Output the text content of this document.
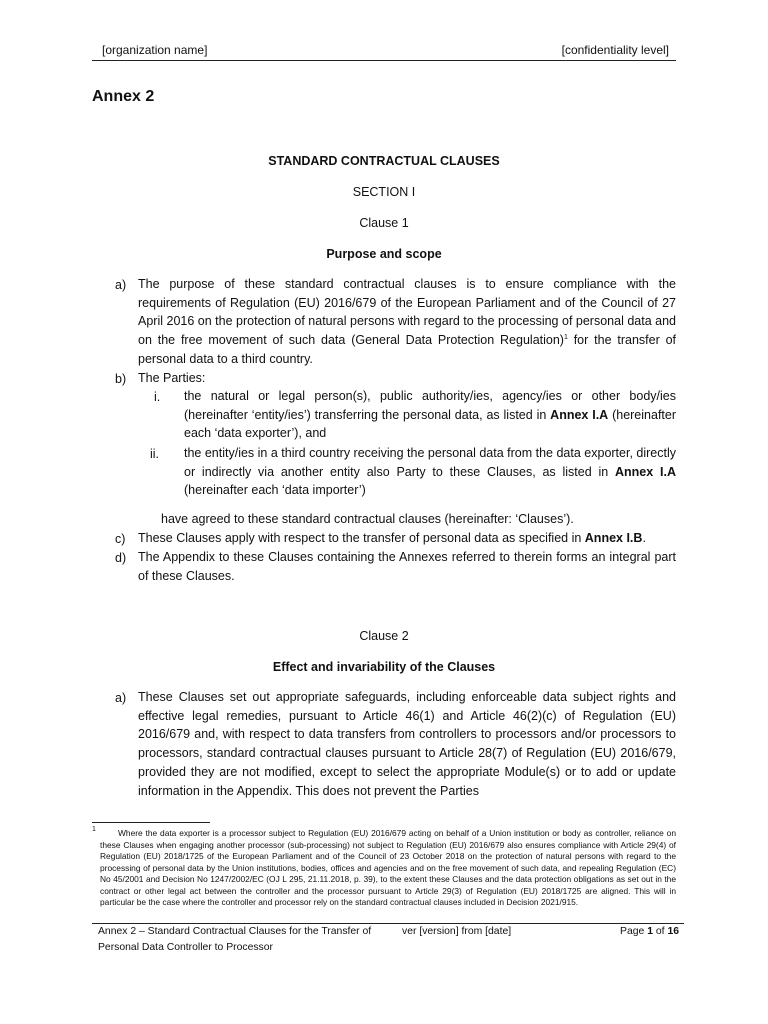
[organization name]	[confidentiality level]
Annex 2
STANDARD CONTRACTUAL CLAUSES
SECTION I
Clause 1
Purpose and scope
a) The purpose of these standard contractual clauses is to ensure compliance with the requirements of Regulation (EU) 2016/679 of the European Parliament and of the Council of 27 April 2016 on the protection of natural persons with regard to the processing of personal data and on the free movement of such data (General Data Protection Regulation)$^1$ for the transfer of personal data to a third country.
b) The Parties:
i. the natural or legal person(s), public authority/ies, agency/ies or other body/ies (hereinafter ‘entity/ies’) transferring the personal data, as listed in Annex I.A (hereinafter each ‘data exporter’), and
ii. the entity/ies in a third country receiving the personal data from the data exporter, directly or indirectly via another entity also Party to these Clauses, as listed in Annex I.A (hereinafter each ‘data importer’)
have agreed to these standard contractual clauses (hereinafter: ‘Clauses’).
c) These Clauses apply with respect to the transfer of personal data as specified in Annex I.B.
d) The Appendix to these Clauses containing the Annexes referred to therein forms an integral part of these Clauses.
Clause 2
Effect and invariability of the Clauses
a) These Clauses set out appropriate safeguards, including enforceable data subject rights and effective legal remedies, pursuant to Article 46(1) and Article 46(2)(c) of Regulation (EU) 2016/679 and, with respect to data transfers from controllers to processors and/or processors to processors, standard contractual clauses pursuant to Article 28(7) of Regulation (EU) 2016/679, provided they are not modified, except to select the appropriate Module(s) or to add or update information in the Appendix. This does not prevent the Parties
1	Where the data exporter is a processor subject to Regulation (EU) 2016/679 acting on behalf of a Union institution or body as controller, reliance on these Clauses when engaging another processor (sub-processing) not subject to Regulation (EU) 2016/679 also ensures compliance with Article 29(4) of Regulation (EU) 2018/1725 of the European Parliament and of the Council of 23 October 2018 on the protection of natural persons with regard to the processing of personal data by the Union institutions, bodies, offices and agencies and on the free movement of such data, and repealing Regulation (EC) No 45/2001 and Decision No 1247/2002/EC (OJ L 295, 21.11.2018, p. 39), to the extent these Clauses and the data protection obligations as set out in the contract or other legal act between the controller and the processor pursuant to Article 29(3) of Regulation (EU) 2018/1725 are aligned. This will in particular be the case where the controller and processor rely on the standard contractual clauses included in Decision 2021/915.
Annex 2 – Standard Contractual Clauses for the Transfer of
Personal Data Controller to Processor
ver [version] from [date]	Page 1 of 16
